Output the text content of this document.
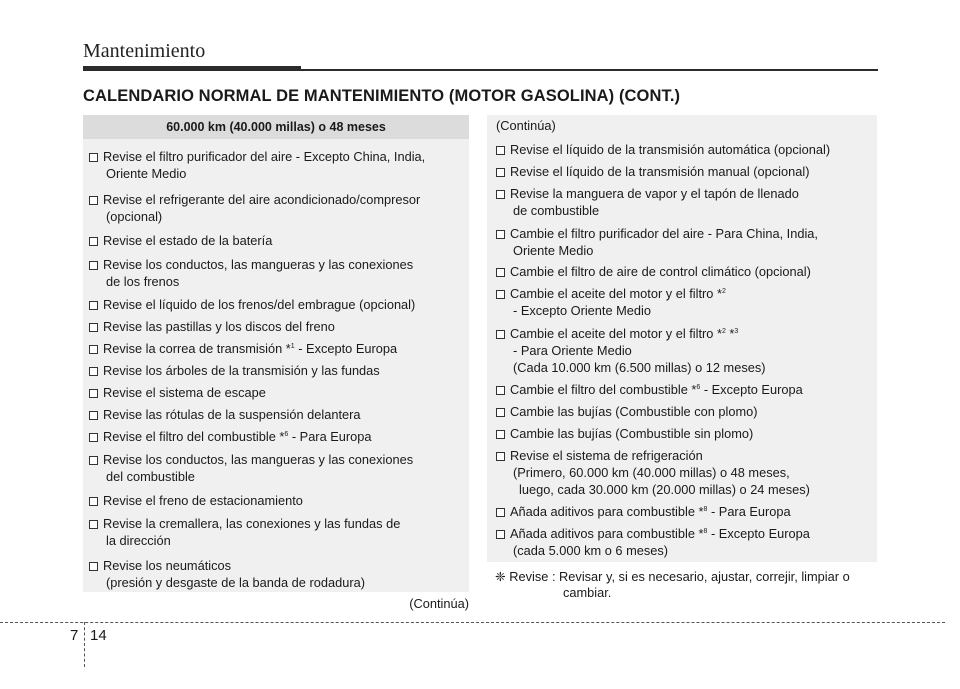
Mantenimiento
CALENDARIO NORMAL DE MANTENIMIENTO (MOTOR GASOLINA) (CONT.)
60.000 km (40.000 millas) o 48 meses
Revise el filtro purificador del aire - Excepto China, India,
Oriente Medio
Revise el refrigerante del aire acondicionado/compresor
(opcional)
Revise el estado de la batería
Revise los conductos, las mangueras y las conexiones
de los frenos
Revise el líquido de los frenos/del embrague (opcional)
Revise las pastillas y los discos del freno
Revise la correa de transmisión *$^1$ - Excepto Europa
Revise los árboles de la transmisión y las fundas
Revise el sistema de escape
Revise las rótulas de la suspensión delantera
Revise el filtro del combustible *$^6$ - Para Europa
Revise los conductos, las mangueras y las conexiones
del combustible
Revise el freno de estacionamiento
Revise la cremallera, las conexiones y las fundas de
la dirección
Revise los neumáticos
(presión y desgaste de la banda de rodadura)
(Continúa)
(Continúa)
Revise el líquido de la transmisión automática (opcional)
Revise el líquido de la transmisión manual (opcional)
Revise la manguera de vapor y el tapón de llenado
de combustible
Cambie el filtro purificador del aire - Para China, India,
Oriente Medio
Cambie el filtro de aire de control climático (opcional)
Cambie el aceite del motor y el filtro *$^2$
- Excepto Oriente Medio
Cambie el aceite del motor y el filtro *$^2$ *$^3$
- Para Oriente Medio
(Cada 10.000 km (6.500 millas) o 12 meses)
Cambie el filtro del combustible *$^6$ - Excepto Europa
Cambie las bujías (Combustible con plomo)
Cambie las bujías (Combustible sin plomo)
Revise el sistema de refrigeración
(Primero, 60.000 km (40.000 millas) o 48 meses,
luego, cada 30.000 km (20.000 millas) o 24 meses)
Añada aditivos para combustible *$^8$ - Para Europa
Añada aditivos para combustible *$^8$ - Excepto Europa
(cada 5.000 km o 6 meses)
❈ Revise : Revisar y, si es necesario, ajustar, correjir, limpiar o
cambiar.
7 14
